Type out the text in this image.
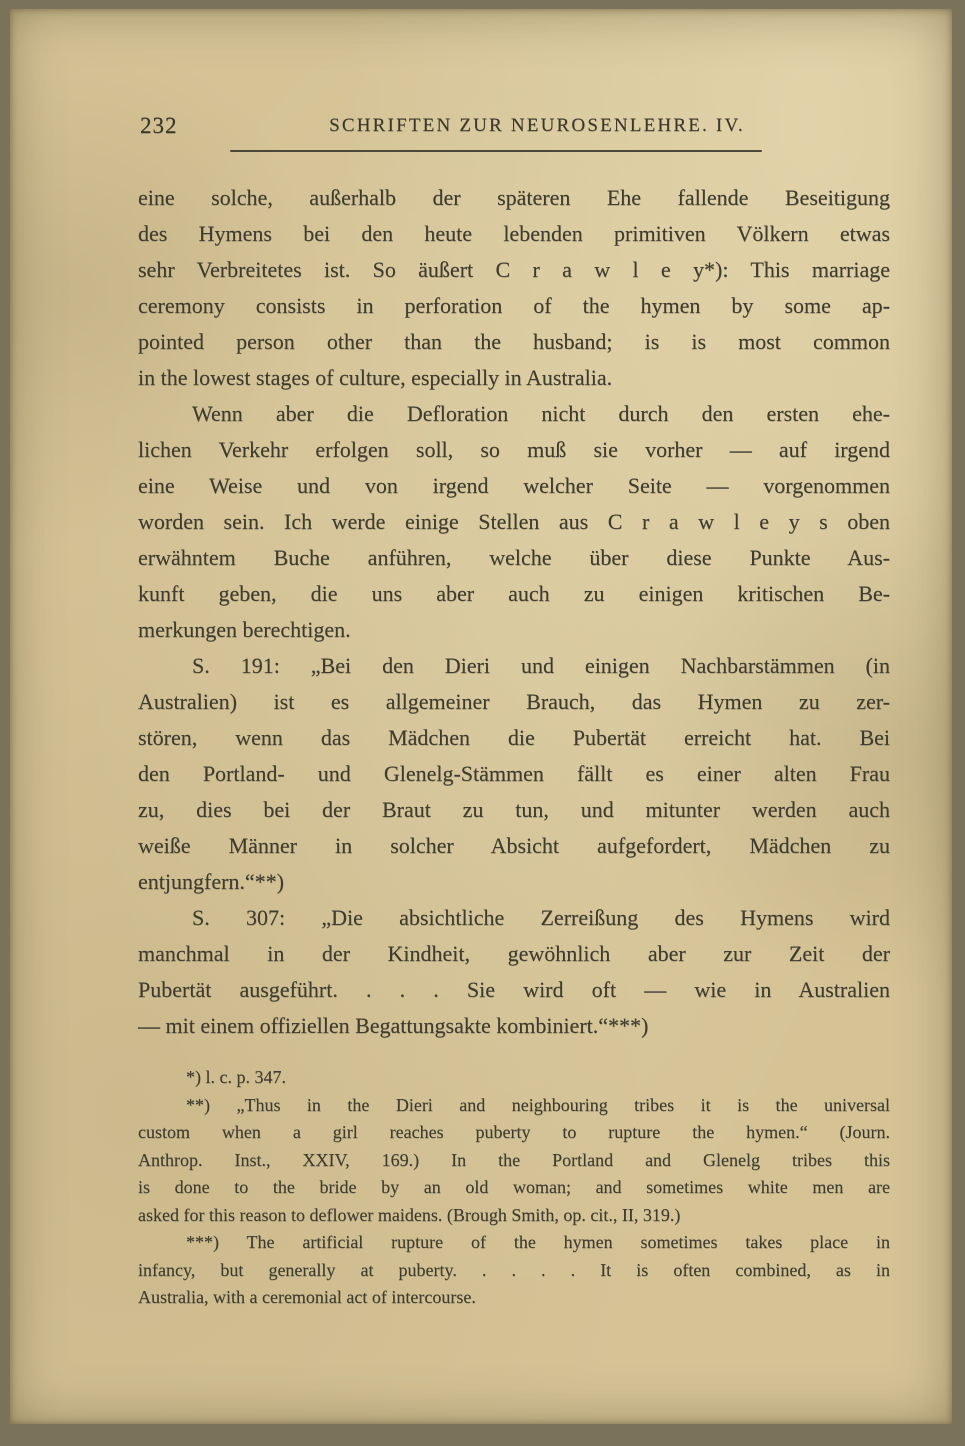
232	SCHRIFTEN ZUR NEUROSENLEHRE. IV.
eine solche, außerhalb der späteren Ehe fallende Beseitigung
des Hymens bei den heute lebenden primitiven Völkern etwas
sehr Verbreitetes ist. So äußert C r a w l e y*): This marriage
ceremony consists in perforation of the hymen by some ap-
pointed person other than the husband; is is most common
in the lowest stages of culture, especially in Australia.
Wenn aber die Defloration nicht durch den ersten ehe-
lichen Verkehr erfolgen soll, so muß sie vorher — auf irgend
eine Weise und von irgend welcher Seite — vorgenommen
worden sein. Ich werde einige Stellen aus C r a w l e y s oben
erwähntem Buche anführen, welche über diese Punkte Aus-
kunft geben, die uns aber auch zu einigen kritischen Be-
merkungen berechtigen.
S. 191: „Bei den Dieri und einigen Nachbarstämmen (in
Australien) ist es allgemeiner Brauch, das Hymen zu zer-
stören, wenn das Mädchen die Pubertät erreicht hat. Bei
den Portland- und Glenelg-Stämmen fällt es einer alten Frau
zu, dies bei der Braut zu tun, und mitunter werden auch
weiße Männer in solcher Absicht aufgefordert, Mädchen zu
entjungfern.“**)
S. 307: „Die absichtliche Zerreißung des Hymens wird
manchmal in der Kindheit, gewöhnlich aber zur Zeit der
Pubertät ausgeführt. . . . Sie wird oft — wie in Australien
— mit einem offiziellen Begattungsakte kombiniert.“***)
*) l. c. p. 347.
**) „Thus in the Dieri and neighbouring tribes it is the universal
custom when a girl reaches puberty to rupture the hymen.“ (Journ.
Anthrop. Inst., XXIV, 169.) In the Portland and Glenelg tribes this
is done to the bride by an old woman; and sometimes white men are
asked for this reason to deflower maidens. (Brough Smith, op. cit., II, 319.)
***) The artificial rupture of the hymen sometimes takes place in
infancy, but generally at puberty. . . . . It is often combined, as in
Australia, with a ceremonial act of intercourse.
